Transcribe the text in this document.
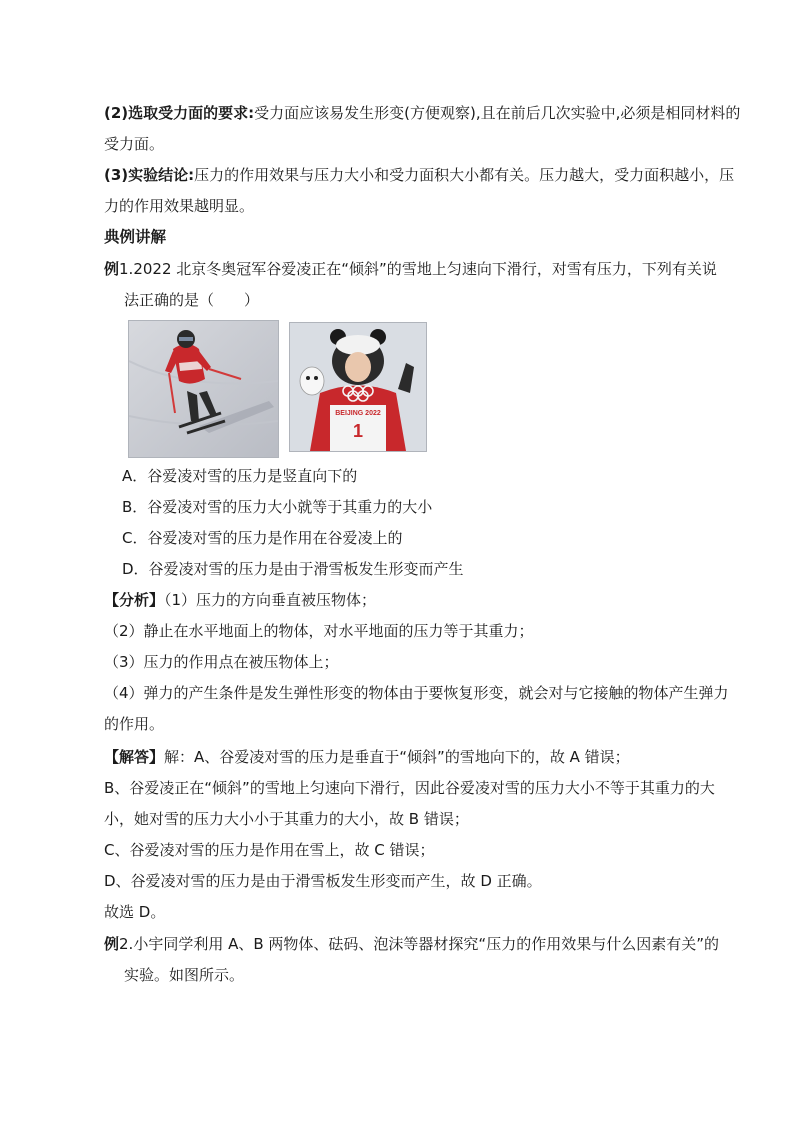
(2)选取受力面的要求:受力面应该易发生形变(方便观察),且在前后几次实验中,必须是相同材料的
受力面。
(3)实验结论:压力的作用效果与压力大小和受力面积大小都有关。压力越大，受力面积越小，压
力的作用效果越明显。
典例讲解
例1.2022 北京冬奥冠军谷爱凌正在“倾斜”的雪地上匀速向下滑行，对雪有压力，下列有关说
法正确的是（　　）
BEIJING 2022
1
A．谷爱凌对雪的压力是竖直向下的
B．谷爱凌对雪的压力大小就等于其重力的大小
C．谷爱凌对雪的压力是作用在谷爱凌上的
D．谷爱凌对雪的压力是由于滑雪板发生形变而产生
【分析】（1）压力的方向垂直被压物体；
（2）静止在水平地面上的物体，对水平地面的压力等于其重力；
（3）压力的作用点在被压物体上；
（4）弹力的产生条件是发生弹性形变的物体由于要恢复形变，就会对与它接触的物体产生弹力
的作用。
【解答】解：A、谷爱凌对雪的压力是垂直于“倾斜”的雪地向下的，故 A 错误；
B、谷爱凌正在“倾斜”的雪地上匀速向下滑行，因此谷爱凌对雪的压力大小不等于其重力的大
小，她对雪的压力大小小于其重力的大小，故 B 错误；
C、谷爱凌对雪的压力是作用在雪上，故 C 错误；
D、谷爱凌对雪的压力是由于滑雪板发生形变而产生，故 D 正确。
故选 D。
例2.小宇同学利用 A、B 两物体、砝码、泡沫等器材探究“压力的作用效果与什么因素有关”的
实验。如图所示。
